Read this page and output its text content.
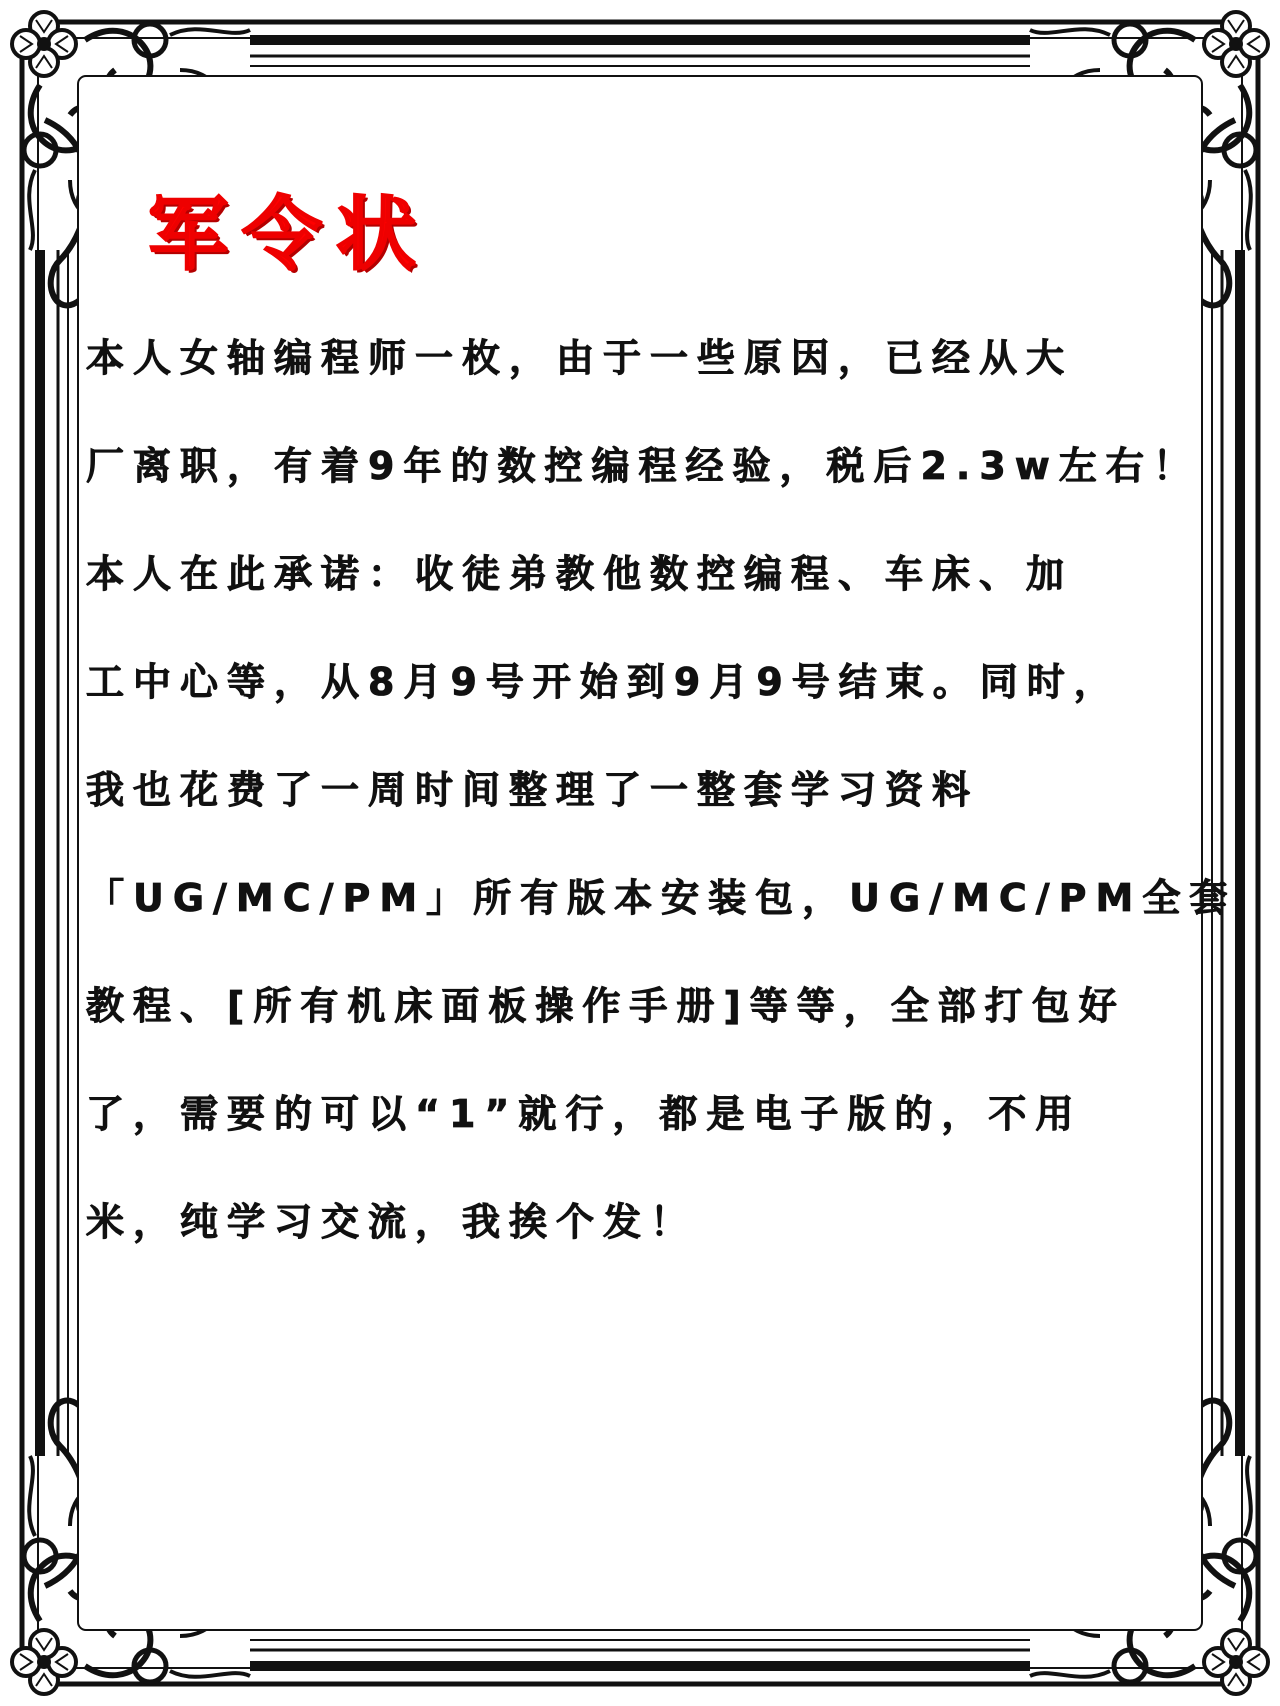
军令状
本人女轴编程师一枚，由于一些原因，已经从大
厂离职，有着9年的数控编程经验，税后2.3w左右！
本人在此承诺：收徒弟教他数控编程、车床、加
工中心等，从8月9号开始到9月9号结束。同时，
我也花费了一周时间整理了一整套学习资料
「UG/MC/PM」所有版本安装包，UG/MC/PM全套
教程、[所有机床面板操作手册]等等，全部打包好
了，需要的可以“1”就行，都是电子版的，不用
米，纯学习交流，我挨个发！
